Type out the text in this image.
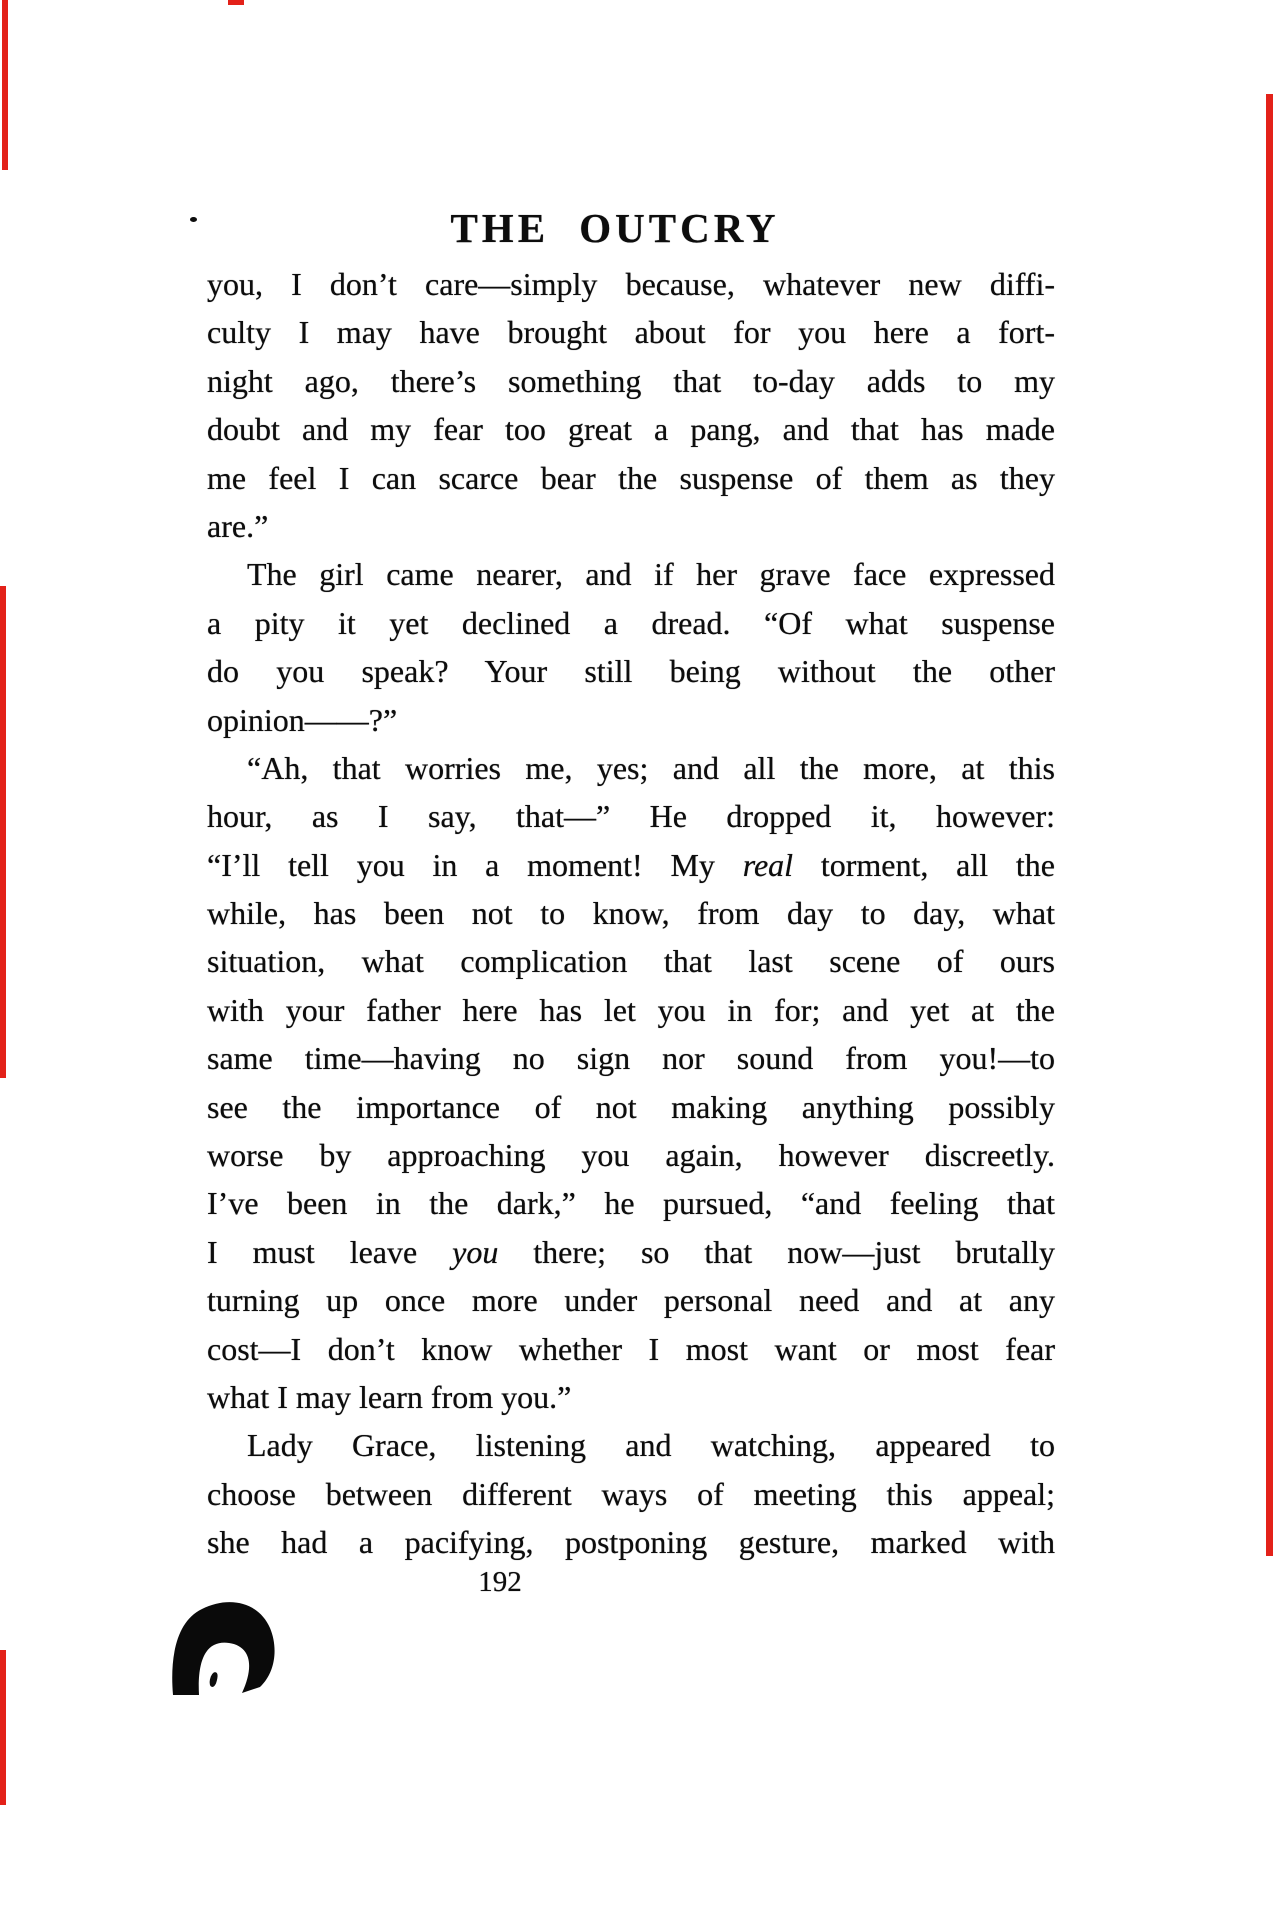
THE OUTCRY
you, I don’t care—simply because, whatever new diffi-
culty I may have brought about for you here a fort-
night ago, there’s something that to-day adds to my
doubt and my fear too great a pang, and that has made
me feel I can scarce bear the suspense of them as they
are.”
The girl came nearer, and if her grave face expressed
a pity it yet declined a dread. “Of what suspense
do you speak? Your still being without the other
opinion——?”
“Ah, that worries me, yes; and all the more, at this
hour, as I say, that—” He dropped it, however:
“I’ll tell you in a moment! My real torment, all the
while, has been not to know, from day to day, what
situation, what complication that last scene of ours
with your father here has let you in for; and yet at the
same time—having no sign nor sound from you!—to
see the importance of not making anything possibly
worse by approaching you again, however discreetly.
I’ve been in the dark,” he pursued, “and feeling that
I must leave you there; so that now—just brutally
turning up once more under personal need and at any
cost—I don’t know whether I most want or most fear
what I may learn from you.”
Lady Grace, listening and watching, appeared to
choose between different ways of meeting this appeal;
she had a pacifying, postponing gesture, marked with
192
